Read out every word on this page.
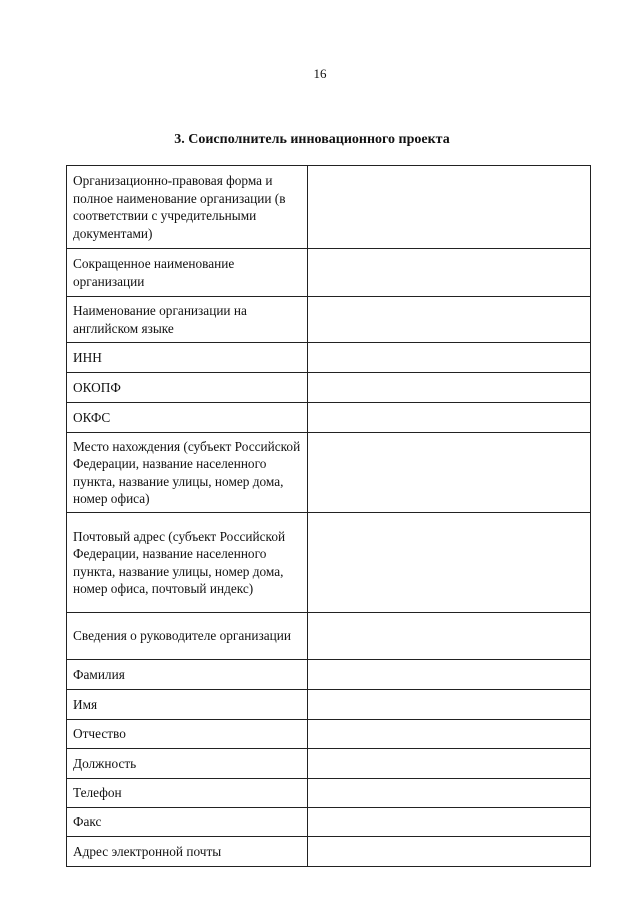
16
3. Соисполнитель инновационного проекта
Организационно-правовая форма и полное наименование организации (в соответствии с учредительными документами)	
Сокращенное наименование организации	
Наименование организации на английском языке	
ИНН	
ОКОПФ	
ОКФС	
Место нахождения (субъект Российской Федерации, название населенного пункта, название улицы, номер дома, номер офиса)	
Почтовый адрес (субъект Российской Федерации, название населенного пункта, название улицы, номер дома, номер офиса, почтовый индекс)	
Сведения о руководителе организации	
Фамилия	
Имя	
Отчество	
Должность	
Телефон	
Факс	
Адрес электронной почты	
